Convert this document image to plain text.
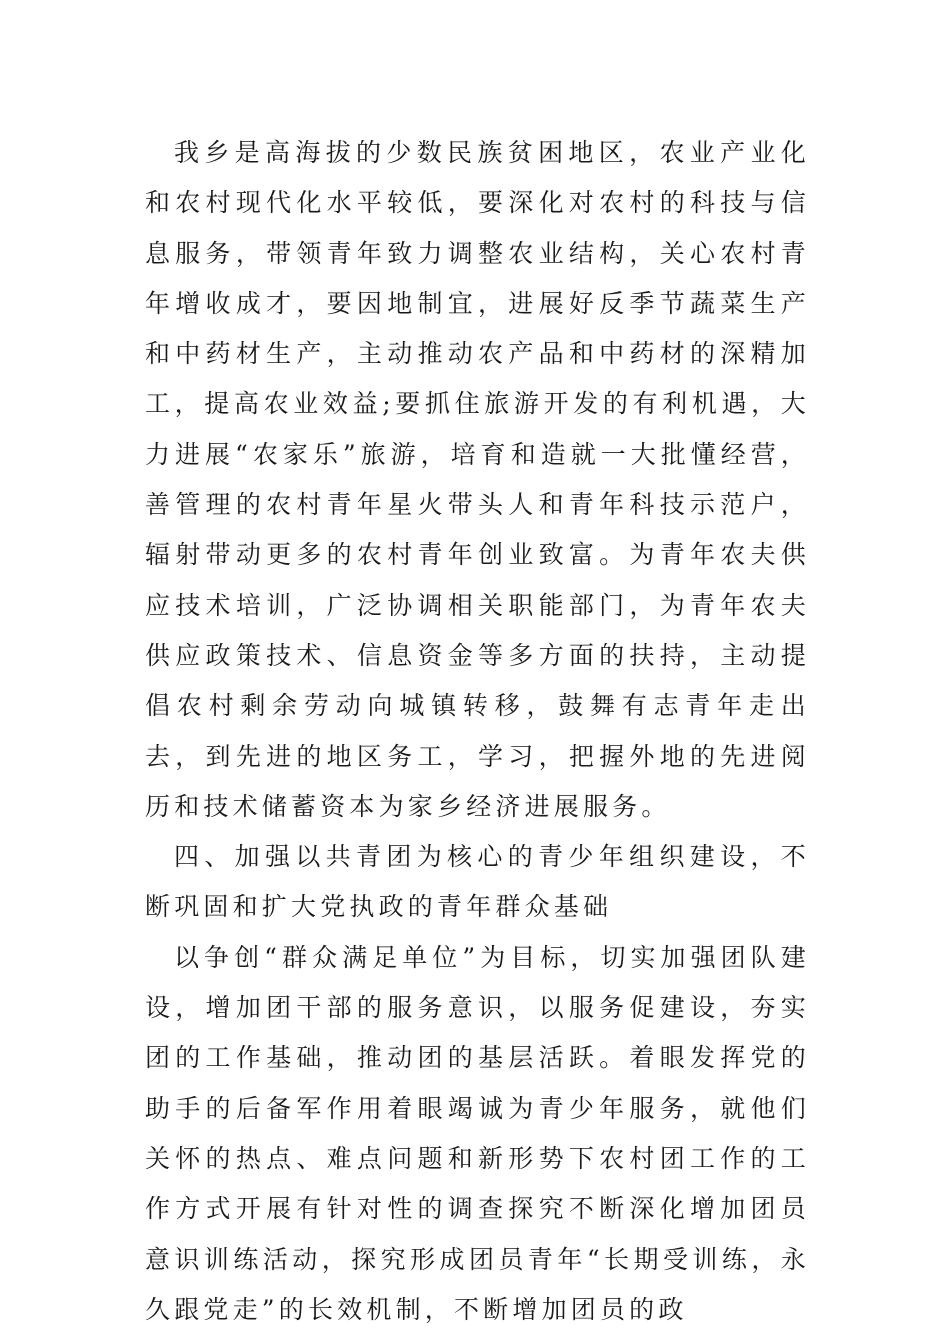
我乡是高海拔的少数民族贫困地区，农业产业化和农村现代化水平较低，要深化对农村的科技与信息服务，带领青年致力调整农业结构，关心农村青年增收成才，要因地制宜，进展好反季节蔬菜生产和中药材生产，主动推动农产品和中药材的深精加工，提高农业效益;要抓住旅游开发的有利机遇，大力进展“农家乐”旅游，培育和造就一大批懂经营，善管理的农村青年星火带头人和青年科技示范户，辐射带动更多的农村青年创业致富。为青年农夫供应技术培训，广泛协调相关职能部门，为青年农夫供应政策技术、信息资金等多方面的扶持，主动提倡农村剩余劳动向城镇转移，鼓舞有志青年走出去，到先进的地区务工，学习，把握外地的先进阅历和技术储蓄资本为家乡经济进展服务。

四、加强以共青团为核心的青少年组织建设，不断巩固和扩大党执政的青年群众基础

以争创“群众满足单位”为目标，切实加强团队建设，增加团干部的服务意识，以服务促建设，夯实团的工作基础，推动团的基层活跃。着眼发挥党的助手的后备军作用着眼竭诚为青少年服务，就他们关怀的热点、难点问题和新形势下农村团工作的工作方式开展有针对性的调查探究不断深化增加团员意识训练活动，探究形成团员青年“长期受训练，永久跟党走”的长效机制，不断增加团员的政
